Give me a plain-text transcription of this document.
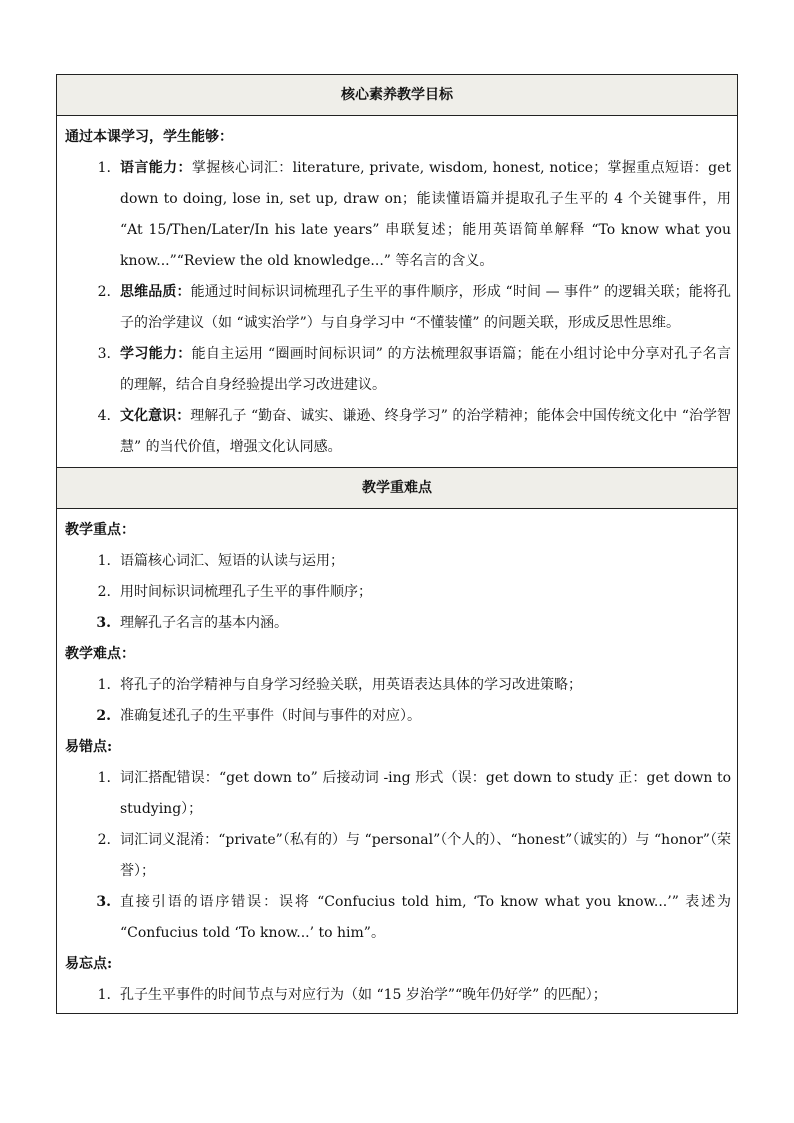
核心素养教学目标
通过本课学习，学生能够：
1. 语言能力：掌握核心词汇：literature, private, wisdom, honest, notice；掌握重点短语：get down to doing, lose in, set up, draw on；能读懂语篇并提取孔子生平的 4 个关键事件，用 “At 15/Then/Later/In his late years” 串联复述；能用英语简单解释 “To know what you know...”“Review the old knowledge...” 等名言的含义。
2. 思维品质：能通过时间标识词梳理孔子生平的事件顺序，形成 “时间 — 事件” 的逻辑关联；能将孔子的治学建议（如 “诚实治学”）与自身学习中 “不懂装懂” 的问题关联，形成反思性思维。
3. 学习能力：能自主运用 “圈画时间标识词” 的方法梳理叙事语篇；能在小组讨论中分享对孔子名言的理解，结合自身经验提出学习改进建议。
4. 文化意识：理解孔子 “勤奋、诚实、谦逊、终身学习” 的治学精神；能体会中国传统文化中 “治学智慧” 的当代价值，增强文化认同感。
教学重难点
教学重点：
1. 语篇核心词汇、短语的认读与运用；
2. 用时间标识词梳理孔子生平的事件顺序；
3. 理解孔子名言的基本内涵。
教学难点：
1. 将孔子的治学精神与自身学习经验关联，用英语表达具体的学习改进策略；
2. 准确复述孔子的生平事件（时间与事件的对应）。
易错点:
1. 词汇搭配错误：“get down to” 后接动词 -ing 形式（误：get down to study 正：get down to studying）；
2. 词汇词义混淆：“private”（私有的）与 “personal”（个人的）、“honest”（诚实的）与 “honor”（荣誉）；
3. 直接引语的语序错误：误将 “Confucius told him, ‘To know what you know...’” 表述为 “Confucius told ‘To know...’ to him”。
易忘点:
1. 孔子生平事件的时间节点与对应行为（如 “15 岁治学”“晚年仍好学” 的匹配）；
